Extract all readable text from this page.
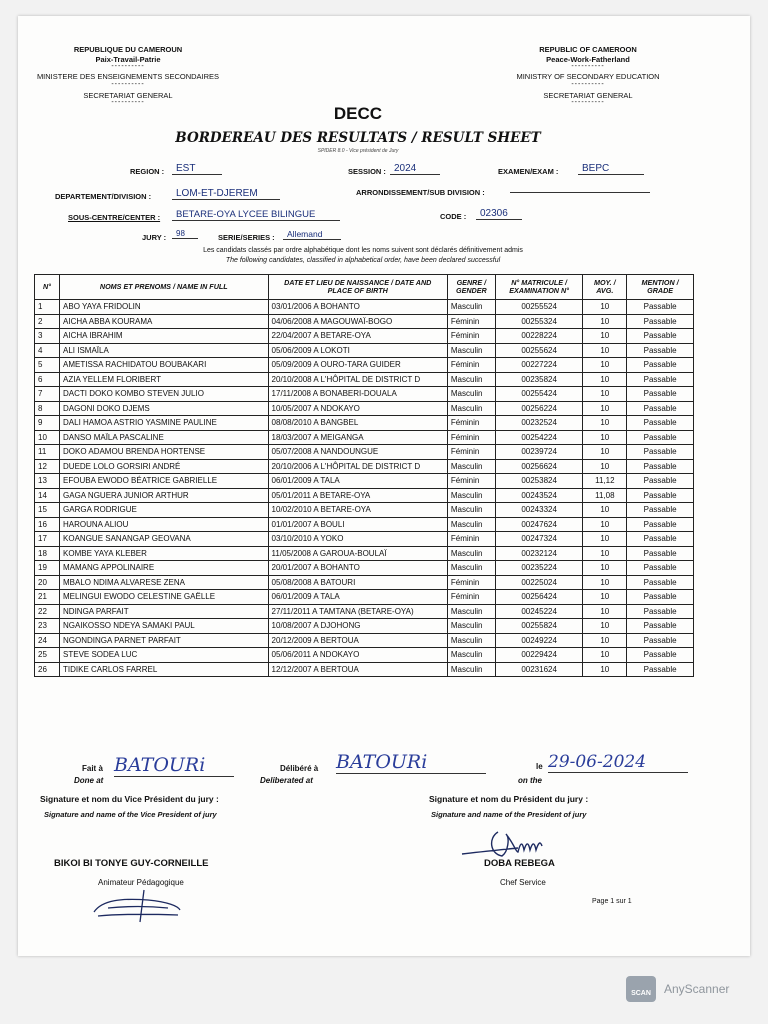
REPUBLIQUE DU CAMEROUN
Paix-Travail-Patrie
----------
MINISTERE DES ENSEIGNEMENTS SECONDAIRES
----------
SECRETARIAT GENERAL
----------
REPUBLIC OF CAMEROON
Peace-Work-Fatherland
----------
MINISTRY OF SECONDARY EDUCATION
----------
SECRETARIAT GENERAL
----------
DECC
BORDEREAU DES RESULTATS / RESULT SHEET
SPIDER 8.0 - Vice président de Jury
REGION :	EST	SESSION : 2024	EXAMEN/EXAM :	BEPC
DEPARTEMENT/DIVISION :	LOM-ET-DJEREM	ARRONDISSEMENT/SUB DIVISION :
SOUS-CENTRE/CENTER :	BETARE-OYA LYCEE BILINGUE	CODE :	02306
JURY :	98	SERIE/SERIES :	Allemand
Les candidats classés par ordre alphabétique dont les noms suivent sont déclarés définitivement admis
The following candidates, classified in alphabetical order, have been declared successful
N°	NOMS ET PRENOMS / NAME IN FULL	DATE ET LIEU DE NAISSANCE / DATE AND PLACE OF BIRTH	GENRE / GENDER	N° MATRICULE / EXAMINATION N°	MOY. / AVG.	MENTION / GRADE
1	ABO YAYA FRIDOLIN	03/01/2006 A BOHANTO	Masculin	00255524	10	Passable
2	AICHA ABBA KOURAMA	04/06/2008 A MAGOUWAÏ-BOGO	Féminin	00255324	10	Passable
3	AICHA IBRAHIM	22/04/2007 A BETARE-OYA	Féminin	00228224	10	Passable
4	ALI ISMAÏLA	05/06/2009 A LOKOTI	Masculin	00255624	10	Passable
5	AMETISSA RACHIDATOU BOUBAKARI	05/09/2009 A OURO-TARA GUIDER	Féminin	00227224	10	Passable
6	AZIA YELLEM FLORIBERT	20/10/2008 A L'HÔPITAL DE DISTRICT D	Masculin	00235824	10	Passable
7	DACTI DOKO KOMBO STEVEN JULIO	17/11/2008 A BONABERI-DOUALA	Masculin	00255424	10	Passable
8	DAGONI DOKO DJEMS	10/05/2007 A NDOKAYO	Masculin	00256224	10	Passable
9	DALI HAMOA ASTRIO YASMINE PAULINE	08/08/2010 A BANGBEL	Féminin	00232524	10	Passable
10	DANSO MAÏLA PASCALINE	18/03/2007 A MEIGANGA	Féminin	00254224	10	Passable
11	DOKO ADAMOU BRENDA HORTENSE	05/07/2008 A NANDOUNGUE	Féminin	00239724	10	Passable
12	DUEDE LOLO GORSIRI ANDRÉ	20/10/2006 A L'HÔPITAL DE DISTRICT D	Masculin	00256624	10	Passable
13	EFOUBA EWODO BÉATRICE GABRIELLE	06/01/2009 A TALA	Féminin	00253824	11,12	Passable
14	GAGA NGUERA JUNIOR ARTHUR	05/01/2011 A BETARE-OYA	Masculin	00243524	11,08	Passable
15	GARGA RODRIGUE	10/02/2010 A BETARE-OYA	Masculin	00243324	10	Passable
16	HAROUNA ALIOU	01/01/2007 A BOULI	Masculin	00247624	10	Passable
17	KOANGUE SANANGAP GEOVANA	03/10/2010 A YOKO	Féminin	00247324	10	Passable
18	KOMBE YAYA KLEBER	11/05/2008 A GAROUA-BOULAÏ	Masculin	00232124	10	Passable
19	MAMANG APPOLINAIRE	20/01/2007 A BOHANTO	Masculin	00235224	10	Passable
20	MBALO NDIMA ALVARESE ZENA	05/08/2008 A BATOURI	Féminin	00225024	10	Passable
21	MELINGUI EWODO CELESTINE GAËLLE	06/01/2009 A TALA	Féminin	00256424	10	Passable
22	NDINGA PARFAIT	27/11/2011 A TAMTANA (BETARE-OYA)	Masculin	00245224	10	Passable
23	NGAIKOSSO NDEYA SAMAKI PAUL	10/08/2007 A DJOHONG	Masculin	00255824	10	Passable
24	NGONDINGA PARNET PARFAIT	20/12/2009 A BERTOUA	Masculin	00249224	10	Passable
25	STEVE SODEA LUC	05/06/2011 A NDOKAYO	Masculin	00229424	10	Passable
26	TIDIKE CARLOS FARREL	12/12/2007 A BERTOUA	Masculin	00231624	10	Passable
Fait à
Done at
BATOURi	Délibéré à
Deliberated at
BATOURi	le
on the
29-06-2024
Signature et nom du Vice Président du jury :
Signature and name of the Vice President of jury
Signature et nom du Président du jury :
Signature and name of the President of jury
BIKOI BI TONYE GUY-CORNEILLE
Animateur Pédagogique
DOBA REBEGA
Chef Service
Page 1 sur 1
SCAN	AnyScanner
